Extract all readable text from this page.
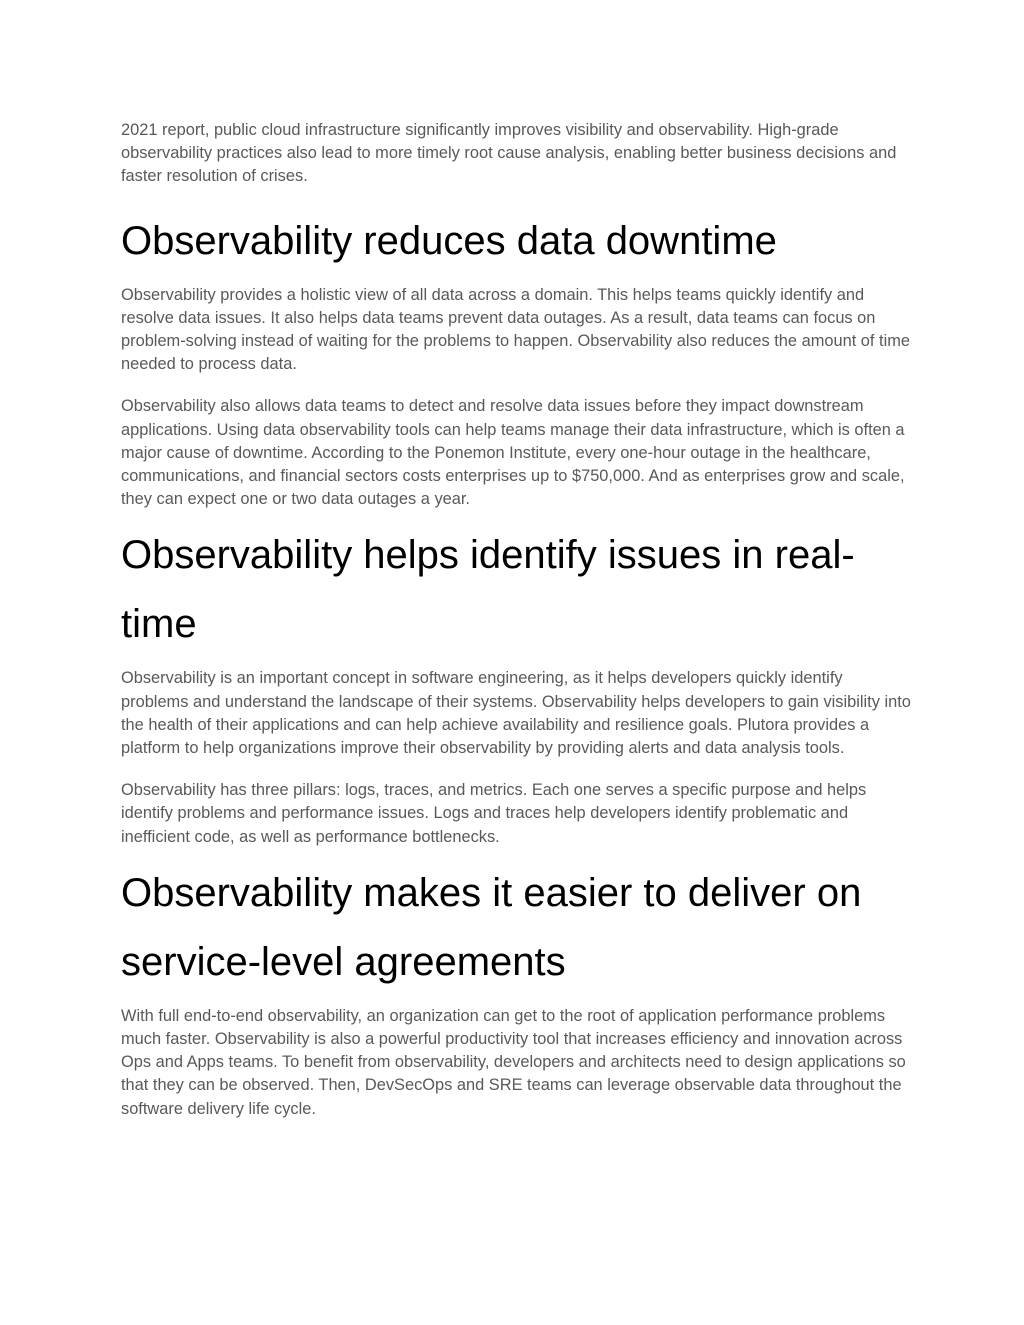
2021 report, public cloud infrastructure significantly improves visibility and observability. High-grade observability practices also lead to more timely root cause analysis, enabling better business decisions and faster resolution of crises.

Observability reduces data downtime

Observability provides a holistic view of all data across a domain. This helps teams quickly identify and resolve data issues. It also helps data teams prevent data outages. As a result, data teams can focus on problem-solving instead of waiting for the problems to happen. Observability also reduces the amount of time needed to process data.

Observability also allows data teams to detect and resolve data issues before they impact downstream applications. Using data observability tools can help teams manage their data infrastructure, which is often a major cause of downtime. According to the Ponemon Institute, every one-hour outage in the healthcare, communications, and financial sectors costs enterprises up to $750,000. And as enterprises grow and scale, they can expect one or two data outages a year.

Observability helps identify issues in real-time

Observability is an important concept in software engineering, as it helps developers quickly identify problems and understand the landscape of their systems. Observability helps developers to gain visibility into the health of their applications and can help achieve availability and resilience goals. Plutora provides a platform to help organizations improve their observability by providing alerts and data analysis tools.

Observability has three pillars: logs, traces, and metrics. Each one serves a specific purpose and helps identify problems and performance issues. Logs and traces help developers identify problematic and inefficient code, as well as performance bottlenecks.

Observability makes it easier to deliver on service-level agreements

With full end-to-end observability, an organization can get to the root of application performance problems much faster. Observability is also a powerful productivity tool that increases efficiency and innovation across Ops and Apps teams. To benefit from observability, developers and architects need to design applications so that they can be observed. Then, DevSecOps and SRE teams can leverage observable data throughout the software delivery life cycle.
